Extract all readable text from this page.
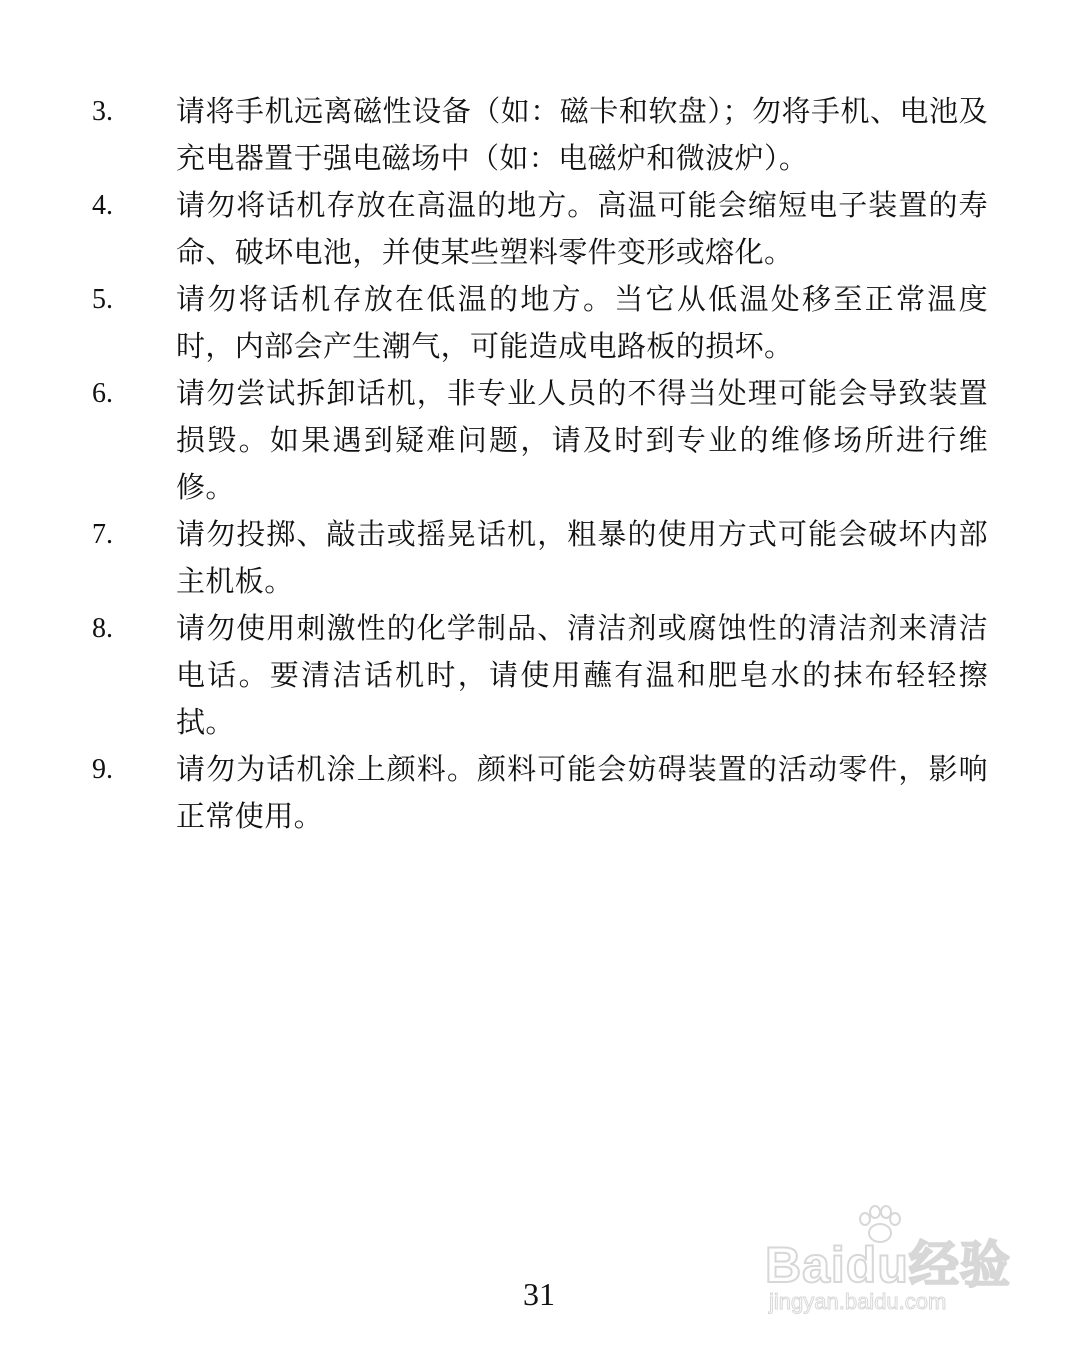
3.	请将手机远离磁性设备（如：磁卡和软盘）；勿将手机、电池及充电器置于强电磁场中（如：电磁炉和微波炉）。
4.	请勿将话机存放在高温的地方。高温可能会缩短电子装置的寿命、破坏电池，并使某些塑料零件变形或熔化。
5.	请勿将话机存放在低温的地方。当它从低温处移至正常温度时，内部会产生潮气，可能造成电路板的损坏。
6.	请勿尝试拆卸话机，非专业人员的不得当处理可能会导致装置损毁。如果遇到疑难问题，请及时到专业的维修场所进行维修。
7.	请勿投掷、敲击或摇晃话机，粗暴的使用方式可能会破坏内部主机板。
8.	请勿使用刺激性的化学制品、清洁剂或腐蚀性的清洁剂来清洁电话。要清洁话机时，请使用蘸有温和肥皂水的抹布轻轻擦拭。
9.	请勿为话机涂上颜料。颜料可能会妨碍装置的活动零件，影响正常使用。
Baidu经验
jingyan.baidu.com
31
